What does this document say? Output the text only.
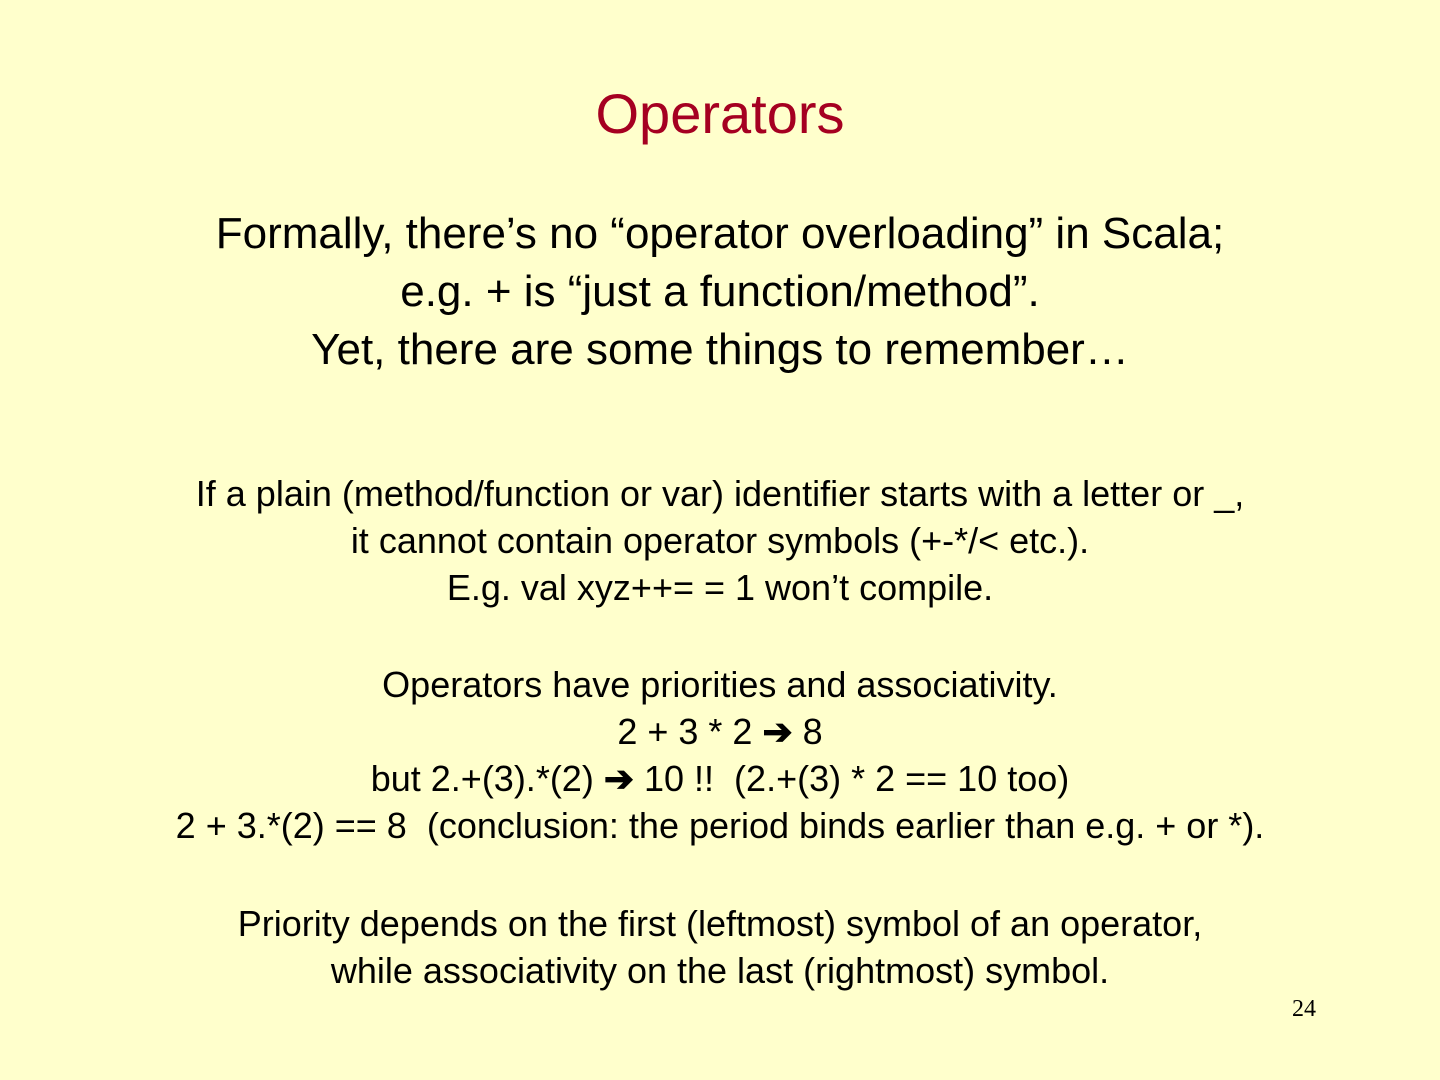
Operators
Formally, there’s no “operator overloading” in Scala;
e.g. + is “just a function/method”.
Yet, there are some things to remember…
If a plain (method/function or var) identifier starts with a letter or _,
it cannot contain operator symbols (+-*/< etc.).
E.g. val xyz++= = 1 won’t compile.
Operators have priorities and associativity.
2 + 3 * 2 ➔ 8
but 2.+(3).*(2) ➔ 10 !!  (2.+(3) * 2 == 10 too)
2 + 3.*(2) == 8  (conclusion: the period binds earlier than e.g. + or *).
Priority depends on the first (leftmost) symbol of an operator,
while associativity on the last (rightmost) symbol.
24
